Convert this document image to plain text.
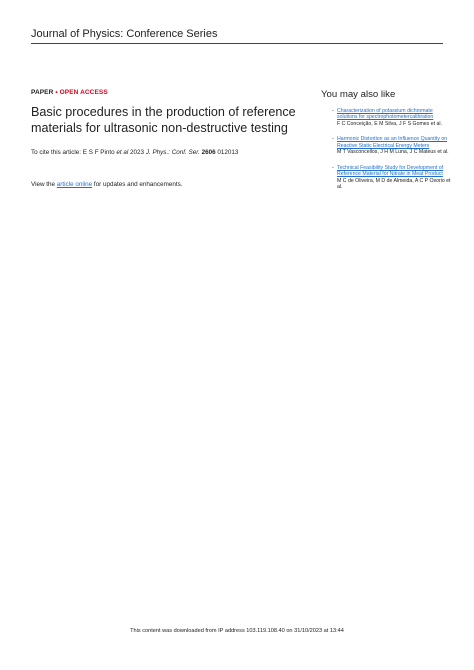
Journal of Physics: Conference Series
PAPER • OPEN ACCESS
Basic procedures in the production of reference materials for ultrasonic non-destructive testing
To cite this article: E S F Pinto et al 2023 J. Phys.: Conf. Ser. 2606 012013
View the article online for updates and enhancements.
You may also like
- Characterization of potassium dichromate solutions for spectrophotometercalibration
F C Conceição, E M Silva, J F S Gomes et al.
- Harmonic Distortion as an Influence Quantity on Reactive Static Electrical Energy Meters
M T Vasconcellos, J H M Luna, J C Mateus et al.
- Technical Feasibility Study for Development of Reference Material for Nitrate in Meat Product
M C de Oliveira, M D de Almeida, A C P Osorio et al.
This content was downloaded from IP address 103.119.108.40 on 31/10/2023 at 13:44
